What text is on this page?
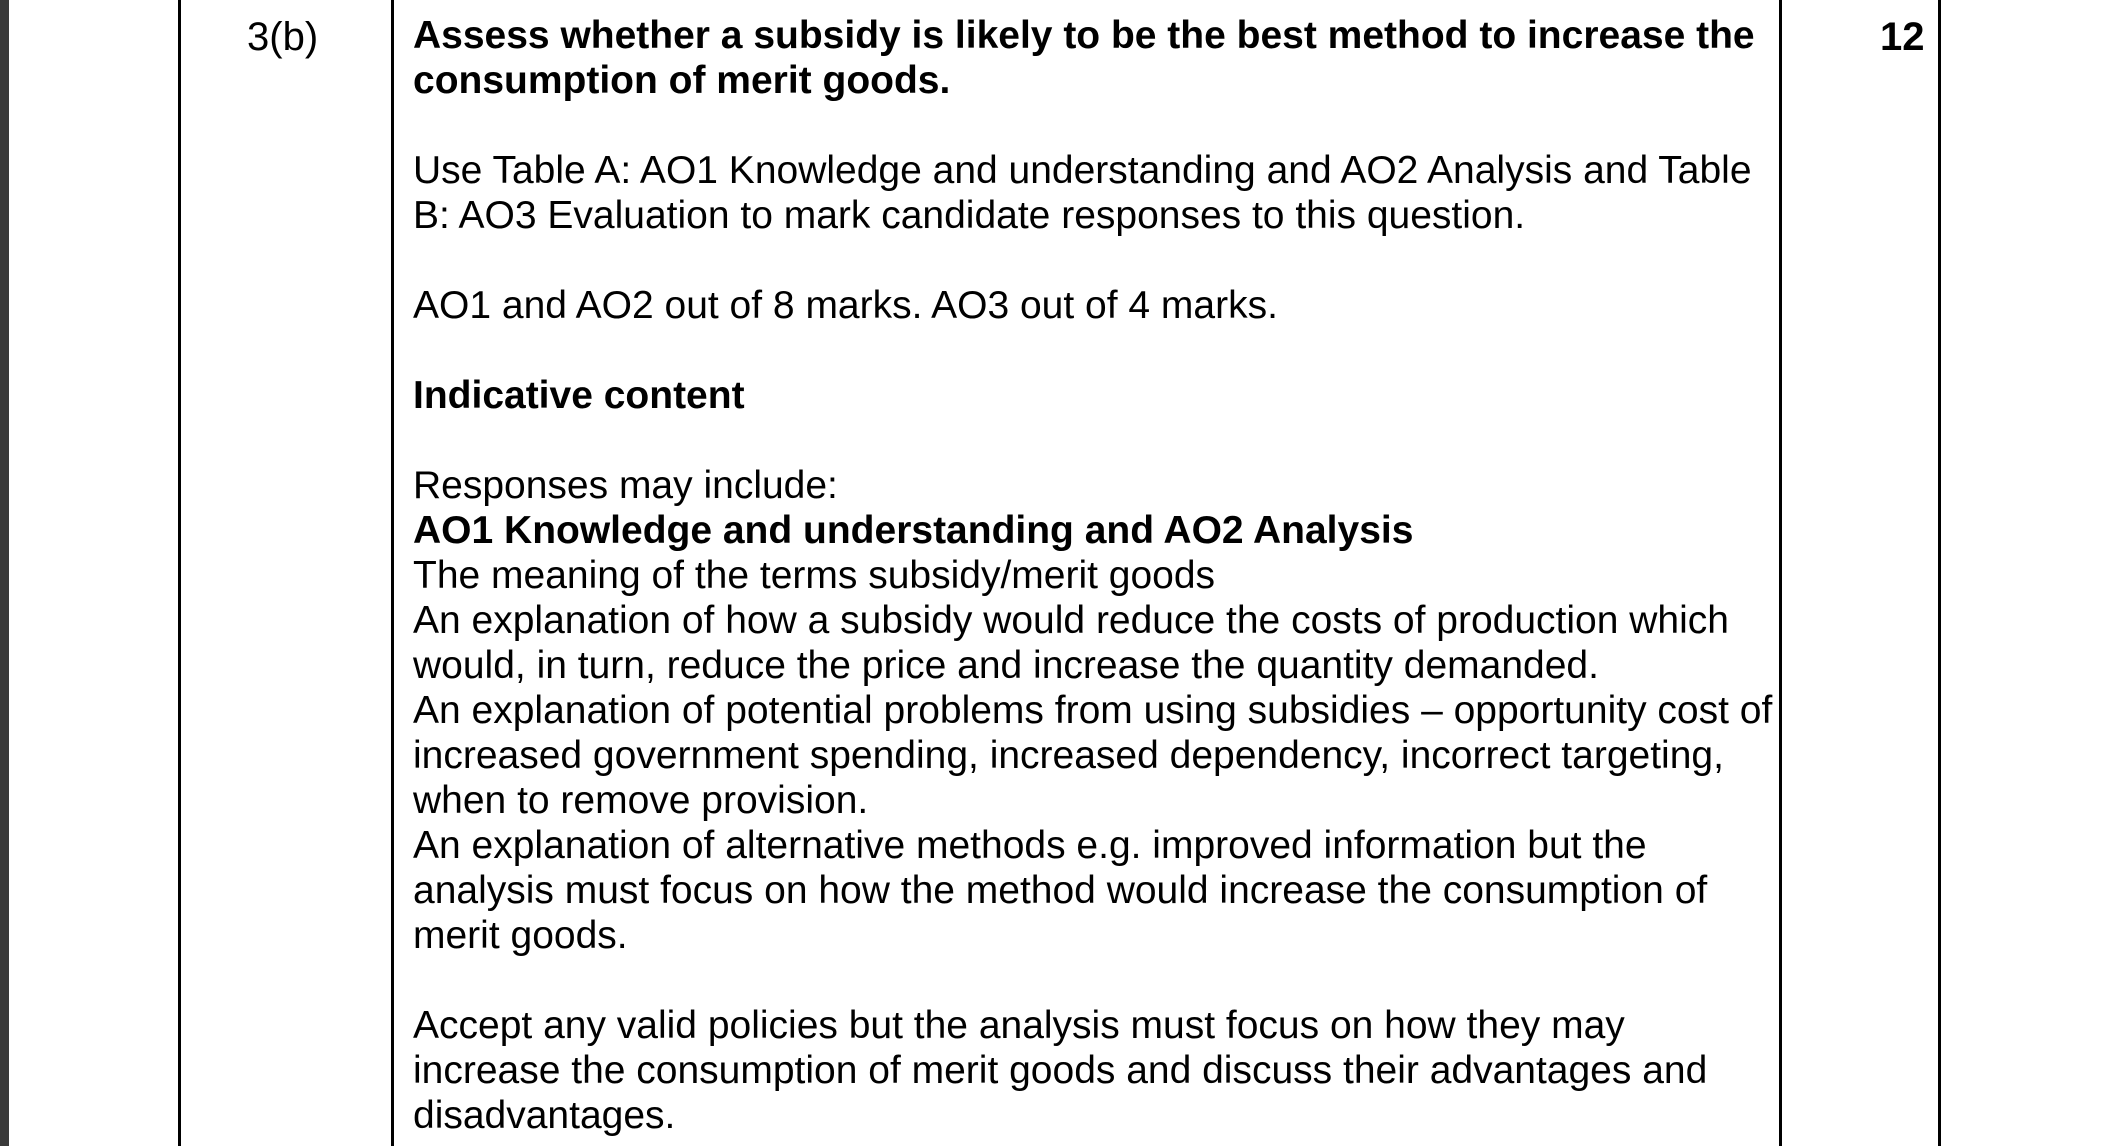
3(b)	12

Assess whether a subsidy is likely to be the best method to increase the consumption of merit goods.

Use Table A: AO1 Knowledge and understanding and AO2 Analysis and Table B: AO3 Evaluation to mark candidate responses to this question.

AO1 and AO2 out of 8 marks. AO3 out of 4 marks.

Indicative content

Responses may include:

AO1 Knowledge and understanding and AO2 Analysis

The meaning of the terms subsidy/merit goods

An explanation of how a subsidy would reduce the costs of production which would, in turn, reduce the price and increase the quantity demanded.

An explanation of potential problems from using subsidies – opportunity cost of increased government spending, increased dependency, incorrect targeting, when to remove provision.

An explanation of alternative methods e.g. improved information but the analysis must focus on how the method would increase the consumption of merit goods.

Accept any valid policies but the analysis must focus on how they may increase the consumption of merit goods and discuss their advantages and disadvantages.
